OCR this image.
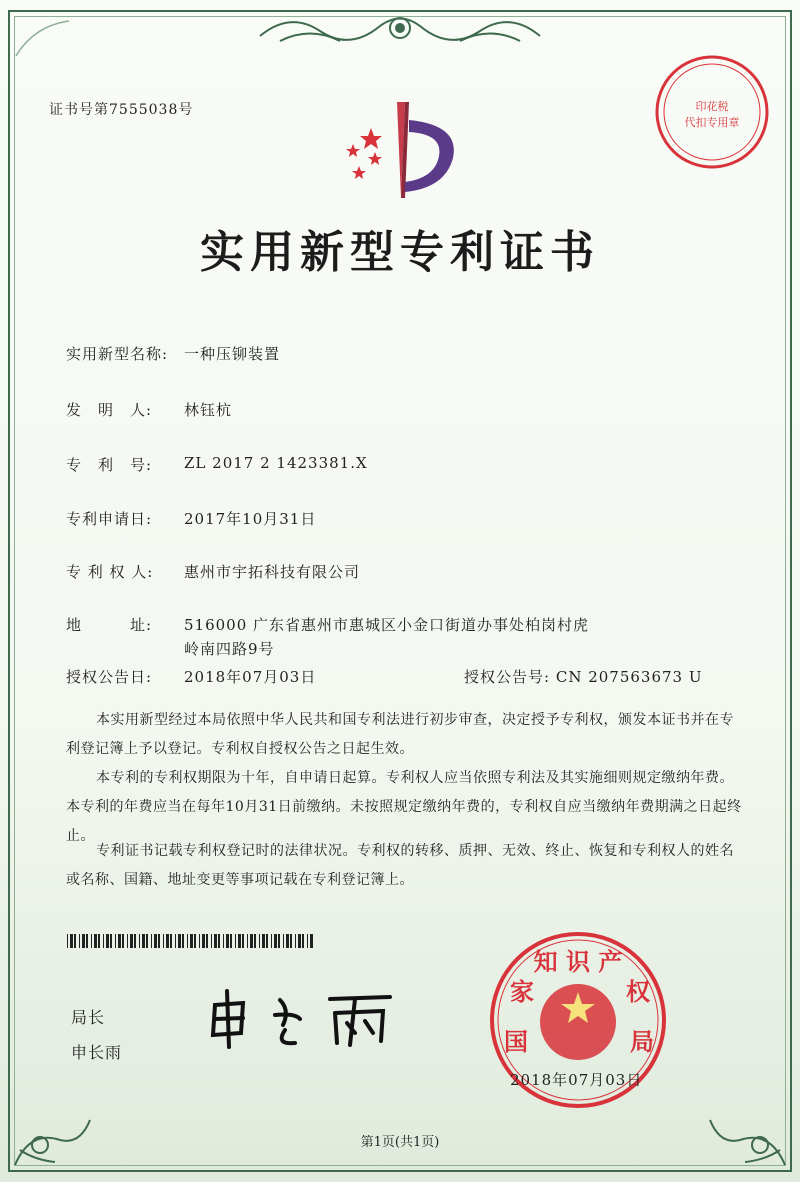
证书号第7555038号	印花税
代扣专用章
实用新型专利证书
实用新型名称: 一种压铆装置
发　明　人: 林钰杭
专　利　号: ZL 2017 2 1423381.X
专利申请日: 2017年10月31日
专 利 权 人: 惠州市宇拓科技有限公司
地　　　址: 516000 广东省惠州市惠城区小金口街道办事处柏岗村虎
岭南四路9号
授权公告日: 2018年07月03日	授权公告号: CN 207563673 U
本实用新型经过本局依照中华人民共和国专利法进行初步审查，决定授予专利权，颁发本证书并在专利登记簿上予以登记。专利权自授权公告之日起生效。
本专利的专利权期限为十年，自申请日起算。专利权人应当依照专利法及其实施细则规定缴纳年费。本专利的年费应当在每年10月31日前缴纳。未按照规定缴纳年费的，专利权自应当缴纳年费期满之日起终止。
专利证书记载专利权登记时的法律状况。专利权的转移、质押、无效、终止、恢复和专利权人的姓名或名称、国籍、地址变更等事项记载在专利登记簿上。
局长
申长雨
知 识 产
家	权
国	局
2018年07月03日
第1页(共1页)
